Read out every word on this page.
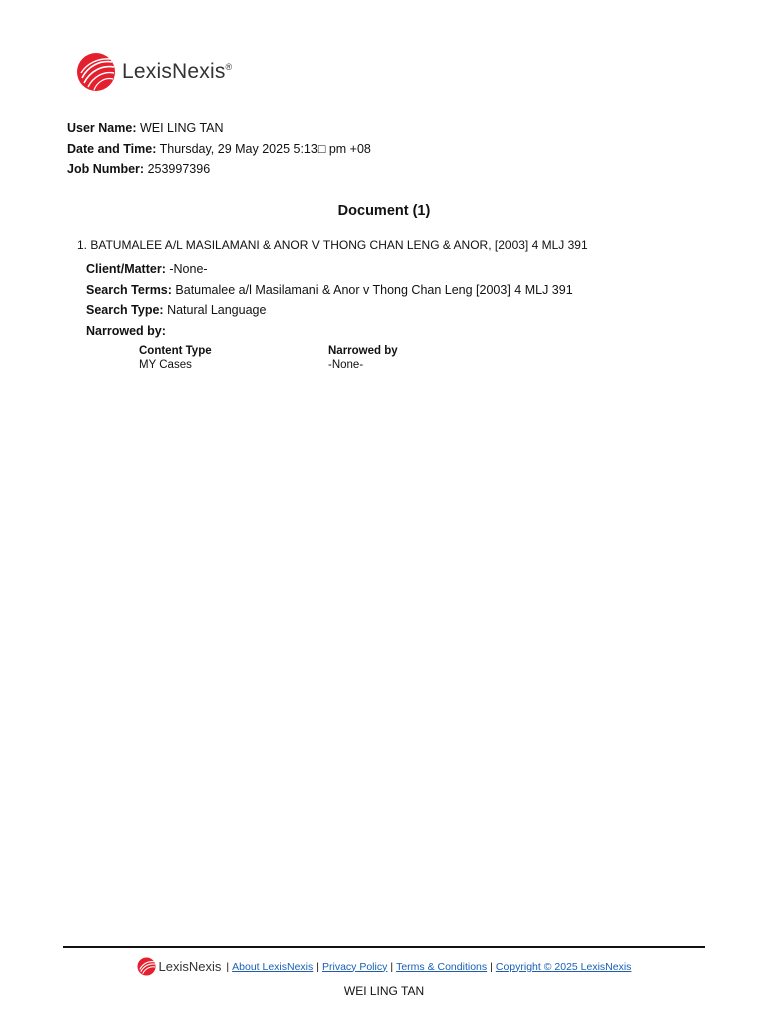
LexisNexis®
User Name: WEI LING TAN
Date and Time: Thursday, 29 May 2025 5:13□ pm +08
Job Number: 253997396
Document (1)
1. BATUMALEE A/L MASILAMANI & ANOR V THONG CHAN LENG & ANOR, [2003] 4 MLJ 391
Client/Matter: -None-
Search Terms: Batumalee a/l Masilamani & Anor v Thong Chan Leng [2003] 4 MLJ 391
Search Type: Natural Language
Narrowed by:
Content Type
MY Cases
Narrowed by
-None-
LexisNexis | About LexisNexis | Privacy Policy | Terms & Conditions | Copyright © 2025 LexisNexis
WEI LING TAN
